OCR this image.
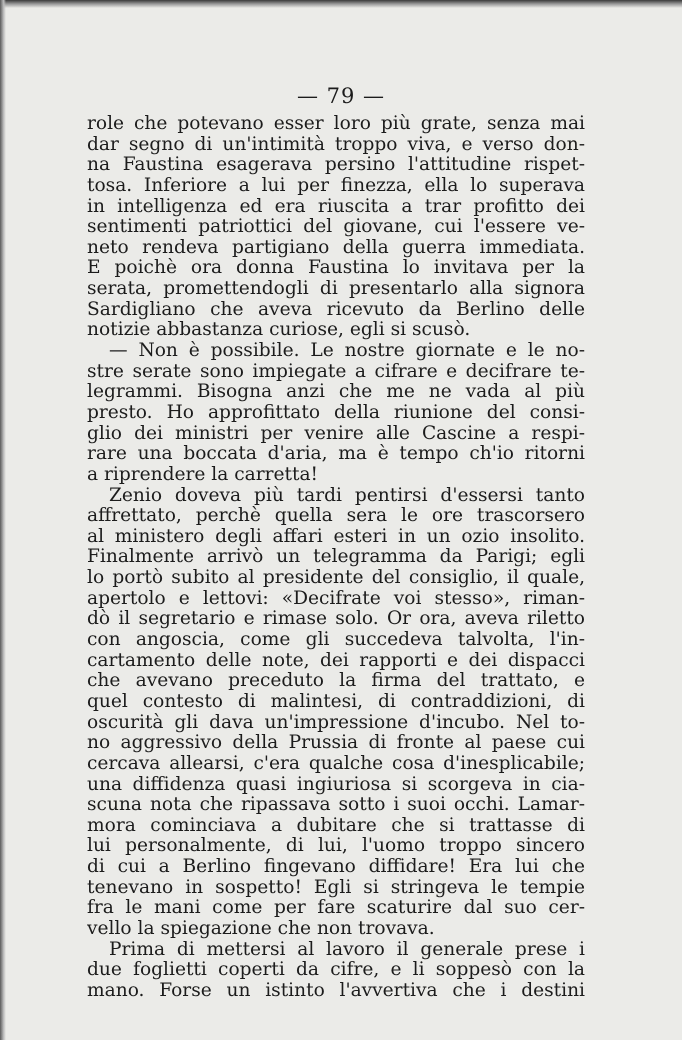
— 79 —
role che potevano esser loro più grate, senza mai
dar segno di un'intimità troppo viva, e verso don-
na Faustina esagerava persino l'attitudine rispet-
tosa. Inferiore a lui per finezza, ella lo superava
in intelligenza ed era riuscita a trar profitto dei
sentimenti patriottici del giovane, cui l'essere ve-
neto rendeva partigiano della guerra immediata.
E poichè ora donna Faustina lo invitava per la
serata, promettendogli di presentarlo alla signora
Sardigliano che aveva ricevuto da Berlino delle
notizie abbastanza curiose, egli si scusò.
— Non è possibile. Le nostre giornate e le no-
stre serate sono impiegate a cifrare e decifrare te-
legrammi. Bisogna anzi che me ne vada al più
presto. Ho approfittato della riunione del consi-
glio dei ministri per venire alle Cascine a respi-
rare una boccata d'aria, ma è tempo ch'io ritorni
a riprendere la carretta!
Zenio doveva più tardi pentirsi d'essersi tanto
affrettato, perchè quella sera le ore trascorsero
al ministero degli affari esteri in un ozio insolito.
Finalmente arrivò un telegramma da Parigi; egli
lo portò subito al presidente del consiglio, il quale,
apertolo e lettovi: «Decifrate voi stesso», riman-
dò il segretario e rimase solo. Or ora, aveva riletto
con angoscia, come gli succedeva talvolta, l'in-
cartamento delle note, dei rapporti e dei dispacci
che avevano preceduto la firma del trattato, e
quel contesto di malintesi, di contraddizioni, di
oscurità gli dava un'impressione d'incubo. Nel to-
no aggressivo della Prussia di fronte al paese cui
cercava allearsi, c'era qualche cosa d'inesplicabile;
una diffidenza quasi ingiuriosa si scorgeva in cia-
scuna nota che ripassava sotto i suoi occhi. Lamar-
mora cominciava a dubitare che si trattasse di
lui personalmente, di lui, l'uomo troppo sincero
di cui a Berlino fingevano diffidare! Era lui che
tenevano in sospetto! Egli si stringeva le tempie
fra le mani come per fare scaturire dal suo cer-
vello la spiegazione che non trovava.
Prima di mettersi al lavoro il generale prese i
due foglietti coperti da cifre, e li soppesò con la
mano. Forse un istinto l'avvertiva che i destini
